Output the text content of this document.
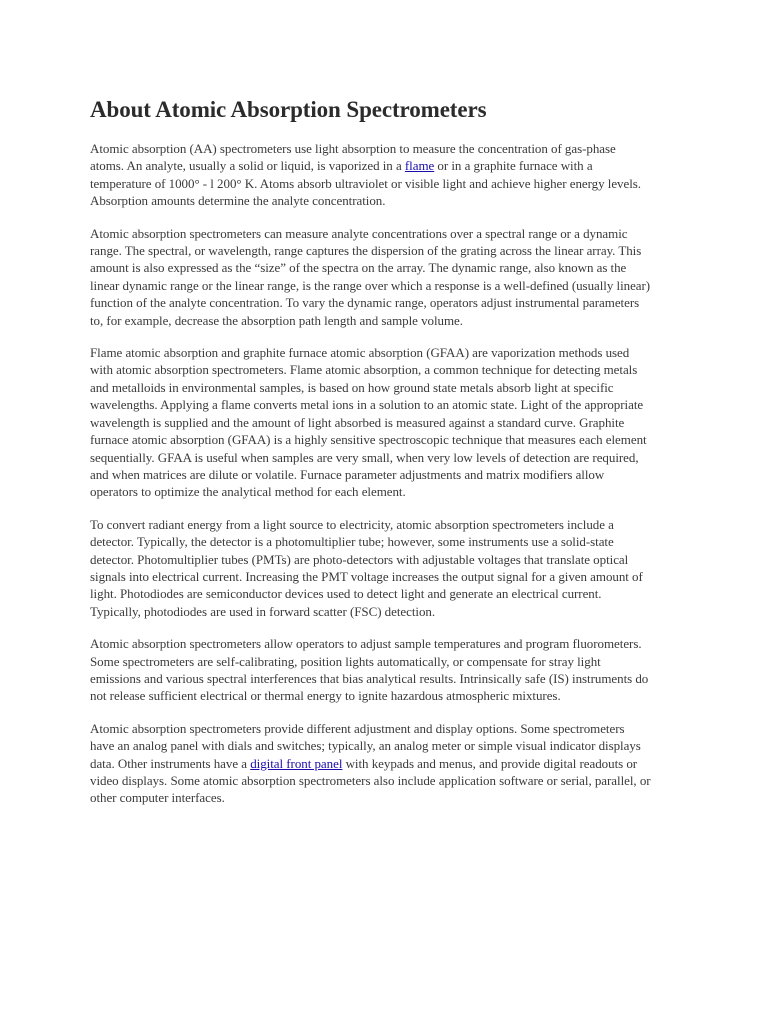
About Atomic Absorption Spectrometers

Atomic absorption (AA) spectrometers use light absorption to measure the concentration of gas-phase atoms. An analyte, usually a solid or liquid, is vaporized in a flame or in a graphite furnace with a temperature of 1000° - l 200° K. Atoms absorb ultraviolet or visible light and achieve higher energy levels. Absorption amounts determine the analyte concentration.

Atomic absorption spectrometers can measure analyte concentrations over a spectral range or a dynamic range. The spectral, or wavelength, range captures the dispersion of the grating across the linear array. This amount is also expressed as the “size” of the spectra on the array. The dynamic range, also known as the linear dynamic range or the linear range, is the range over which a response is a well-defined (usually linear) function of the analyte concentration. To vary the dynamic range, operators adjust instrumental parameters to, for example, decrease the absorption path length and sample volume.

Flame atomic absorption and graphite furnace atomic absorption (GFAA) are vaporization methods used with atomic absorption spectrometers. Flame atomic absorption, a common technique for detecting metals and metalloids in environmental samples, is based on how ground state metals absorb light at specific wavelengths. Applying a flame converts metal ions in a solution to an atomic state. Light of the appropriate wavelength is supplied and the amount of light absorbed is measured against a standard curve. Graphite furnace atomic absorption (GFAA) is a highly sensitive spectroscopic technique that measures each element sequentially. GFAA is useful when samples are very small, when very low levels of detection are required, and when matrices are dilute or volatile. Furnace parameter adjustments and matrix modifiers allow operators to optimize the analytical method for each element.

To convert radiant energy from a light source to electricity, atomic absorption spectrometers include a detector. Typically, the detector is a photomultiplier tube; however, some instruments use a solid-state detector. Photomultiplier tubes (PMTs) are photo-detectors with adjustable voltages that translate optical signals into electrical current. Increasing the PMT voltage increases the output signal for a given amount of light. Photodiodes are semiconductor devices used to detect light and generate an electrical current. Typically, photodiodes are used in forward scatter (FSC) detection.

Atomic absorption spectrometers allow operators to adjust sample temperatures and program fluorometers. Some spectrometers are self-calibrating, position lights automatically, or compensate for stray light emissions and various spectral interferences that bias analytical results. Intrinsically safe (IS) instruments do not release sufficient electrical or thermal energy to ignite hazardous atmospheric mixtures.

Atomic absorption spectrometers provide different adjustment and display options. Some spectrometers have an analog panel with dials and switches; typically, an analog meter or simple visual indicator displays data. Other instruments have a digital front panel with keypads and menus, and provide digital readouts or video displays. Some atomic absorption spectrometers also include application software or serial, parallel, or other computer interfaces.
